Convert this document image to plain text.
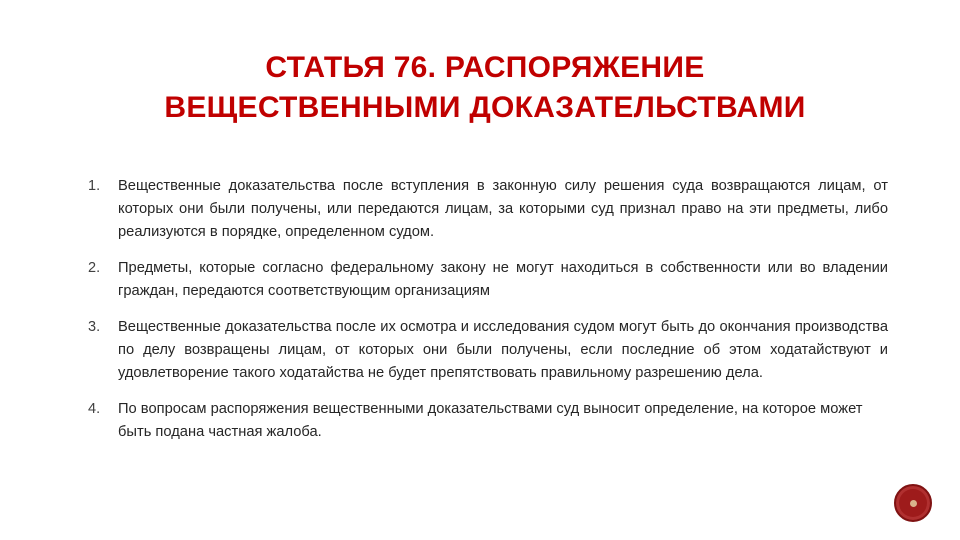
СТАТЬЯ 76. РАСПОРЯЖЕНИЕ
ВЕЩЕСТВЕННЫМИ ДОКАЗАТЕЛЬСТВАМИ
1.	Вещественные доказательства после вступления в законную силу решения суда возвращаются лицам, от которых они были получены, или передаются лицам, за которыми суд признал право на эти предметы, либо реализуются в порядке, определенном судом.
2.	Предметы, которые согласно федеральному закону не могут находиться в собственности или во владении граждан, передаются соответствующим организациям
3.	Вещественные доказательства после их осмотра и исследования судом могут быть до окончания производства по делу возвращены лицам, от которых они были получены, если последние об этом ходатайствуют и удовлетворение такого ходатайства не будет препятствовать правильному разрешению дела.
4.	По вопросам распоряжения вещественными доказательствами суд выносит определение, на которое может быть подана частная жалоба.
